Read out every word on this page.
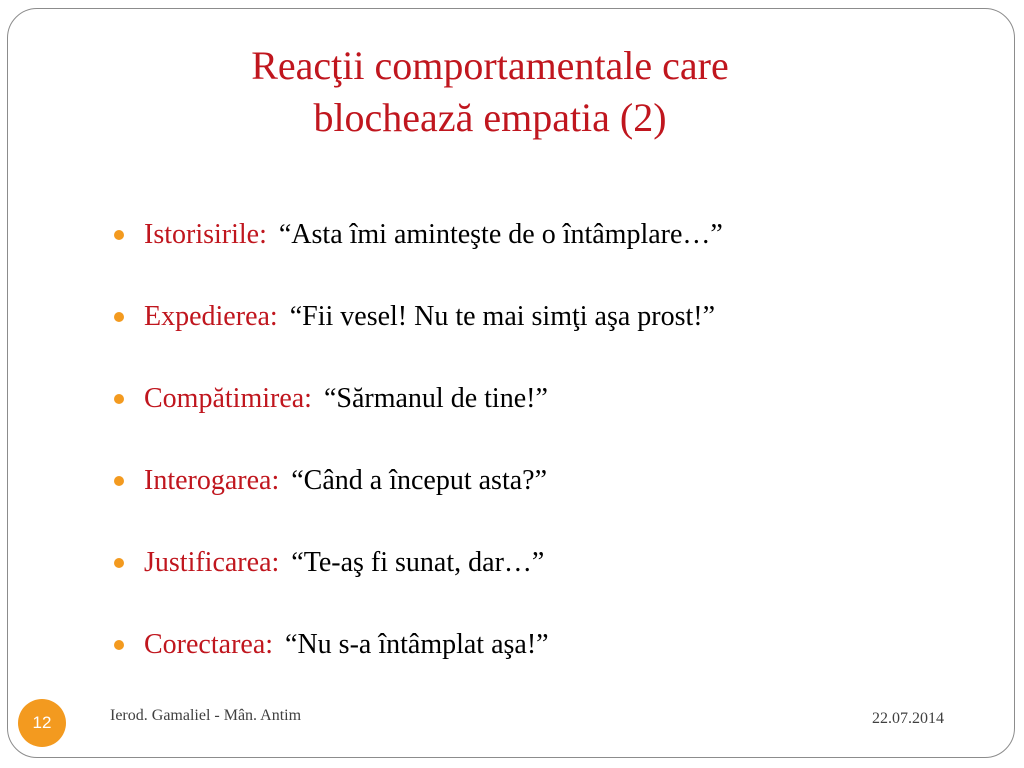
Reacţii comportamentale care
blochează empatia (2)
Istorisirile: “Asta îmi aminteşte de o întâmplare…”
Expedierea: “Fii vesel! Nu te mai simţi aşa prost!”
Compătimirea: “Sărmanul de tine!”
Interogarea: “Când a început asta?”
Justificarea: “Te-aş fi sunat, dar…”
Corectarea: “Nu s-a întâmplat aşa!”
12	Ierod. Gamaliel - Mân. Antim	22.07.2014
